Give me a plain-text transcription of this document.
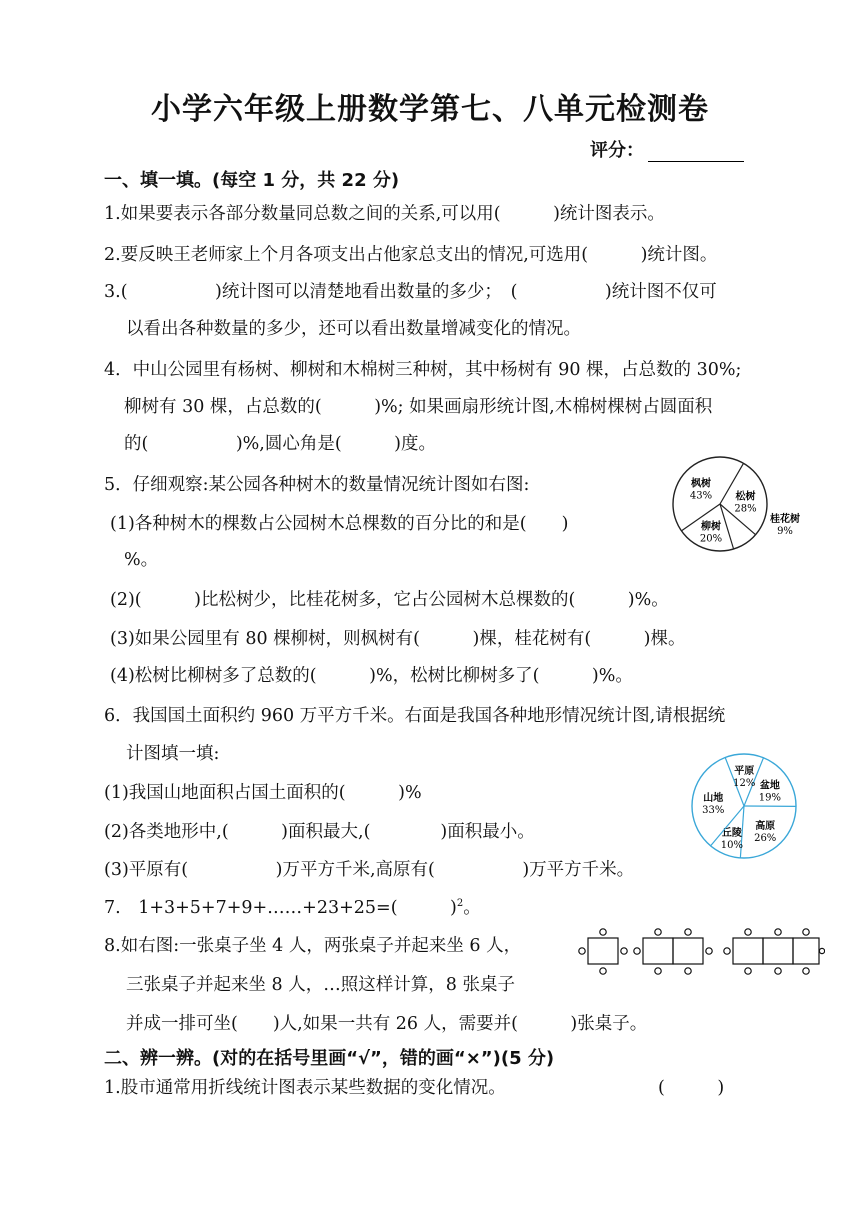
小学六年级上册数学第七、八单元检测卷
评分：
一、填一填。(每空 1 分，共 22 分)
1.如果要表示各部分数量同总数之间的关系,可以用(　　　)统计图表示。
2.要反映王老师家上个月各项支出占他家总支出的情况,可选用(　　　)统计图。
3.(　　　　　)统计图可以清楚地看出数量的多少；　(　　　　　)统计图不仅可
以看出各种数量的多少，还可以看出数量增减变化的情况。
4．中山公园里有杨树、柳树和木棉树三种树，其中杨树有 90 棵，占总数的 30%;
柳树有 30 棵，占总数的(　　　)%; 如果画扇形统计图,木棉树棵树占圆面积
的(　　　　　)%,圆心角是(　　　)度。
5．仔细观察:某公园各种树木的数量情况统计图如右图:
(1)各种树木的棵数占公园树木总棵数的百分比的和是(　　)
%。
(2)(　　　)比松树少，比桂花树多，它占公园树木总棵数的(　　　)%。
(3)如果公园里有 80 棵柳树，则枫树有(　　　)棵，桂花树有(　　　)棵。
(4)松树比柳树多了总数的(　　　)%，松树比柳树多了(　　　)%。
6．我国国土面积约 960 万平方千米。右面是我国各种地形情况统计图,请根据统
计图填一填:
(1)我国山地面积占国土面积的(　　　)%
(2)各类地形中,(　　　)面积最大,(　　　　)面积最小。
(3)平原有(　　　　　)万平方千米,高原有(　　　　　)万平方千米。
7.　1+3+5+7+9+……+23+25=(　　　)$^2$。
8.如右图:一张桌子坐 4 人，两张桌子并起来坐 6 人，
三张桌子并起来坐 8 人，…照这样计算，8 张桌子
并成一排可坐(　　)人,如果一共有 26 人，需要并(　　　)张桌子。
二、辨一辨。(对的在括号里画“√”，错的画“×”)(5 分)
1.股市通常用折线统计图表示某些数据的变化情况。	(　　　)
松树
28%
桂花树
9%
柳树
20%
枫树
43%
盆地
19%
高原
26%
丘陵
10%
山地
33%
平原
12%
